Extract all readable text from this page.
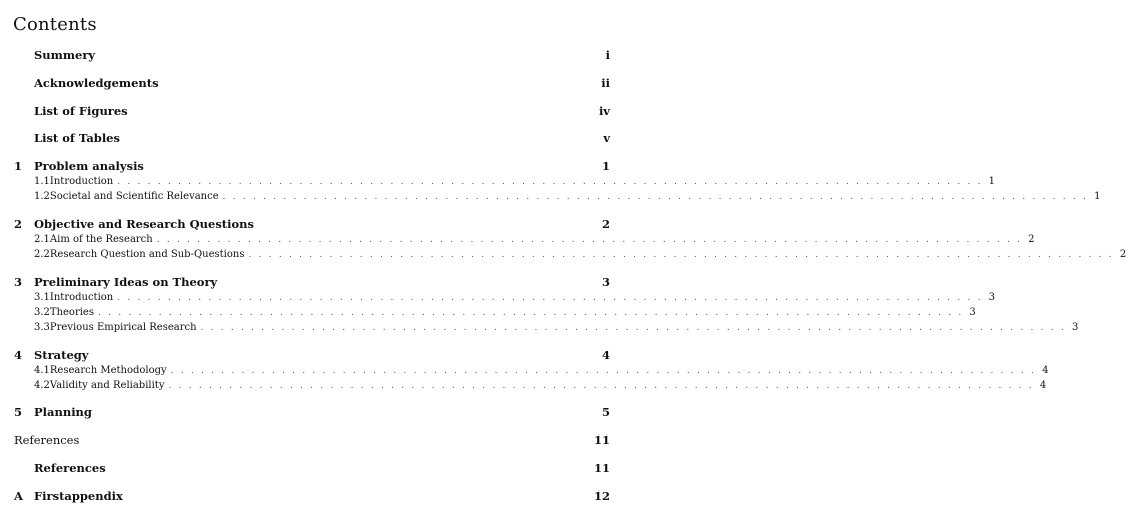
Contents
Summery	i
Acknowledgements	ii
List of Figures	iv
List of Tables	v
1	Problem analysis	1
1.1 Introduction . . . . . . . . . . . . . . . . . . . . . . . . . . . . . . . . . . . . . . . . . . . . . . . . . . . . . . . . . . . . . . . . . . . . . . . . . . . . . . . . . . . . . . 1
1.2 Societal and Scientific Relevance . . . . . . . . . . . . . . . . . . . . . . . . . . . . . . . . . . . . . . . . . . . . . . . . . . . . . . . . . . . . . . . . . . . . . . . . . . . . . . . . . . . . . . 1
2	Objective and Research Questions	2
2.1 Aim of the Research . . . . . . . . . . . . . . . . . . . . . . . . . . . . . . . . . . . . . . . . . . . . . . . . . . . . . . . . . . . . . . . . . . . . . . . . . . . . . . . . . . . . . . 2
2.2 Research Question and Sub-Questions . . . . . . . . . . . . . . . . . . . . . . . . . . . . . . . . . . . . . . . . . . . . . . . . . . . . . . . . . . . . . . . . . . . . . . . . . . . . . . . . . . . . . . 2
3	Preliminary Ideas on Theory	3
3.1 Introduction . . . . . . . . . . . . . . . . . . . . . . . . . . . . . . . . . . . . . . . . . . . . . . . . . . . . . . . . . . . . . . . . . . . . . . . . . . . . . . . . . . . . . . 3
3.2 Theories . . . . . . . . . . . . . . . . . . . . . . . . . . . . . . . . . . . . . . . . . . . . . . . . . . . . . . . . . . . . . . . . . . . . . . . . . . . . . . . . . . . . . . 3
3.3 Previous Empirical Research . . . . . . . . . . . . . . . . . . . . . . . . . . . . . . . . . . . . . . . . . . . . . . . . . . . . . . . . . . . . . . . . . . . . . . . . . . . . . . . . . . . . . . 3
4	Strategy	4
4.1 Research Methodology . . . . . . . . . . . . . . . . . . . . . . . . . . . . . . . . . . . . . . . . . . . . . . . . . . . . . . . . . . . . . . . . . . . . . . . . . . . . . . . . . . . . . . 4
4.2 Validity and Reliability . . . . . . . . . . . . . . . . . . . . . . . . . . . . . . . . . . . . . . . . . . . . . . . . . . . . . . . . . . . . . . . . . . . . . . . . . . . . . . . . . . . . . . 4
5	Planning	5
References	11
References	11
A Firstappendix	12
